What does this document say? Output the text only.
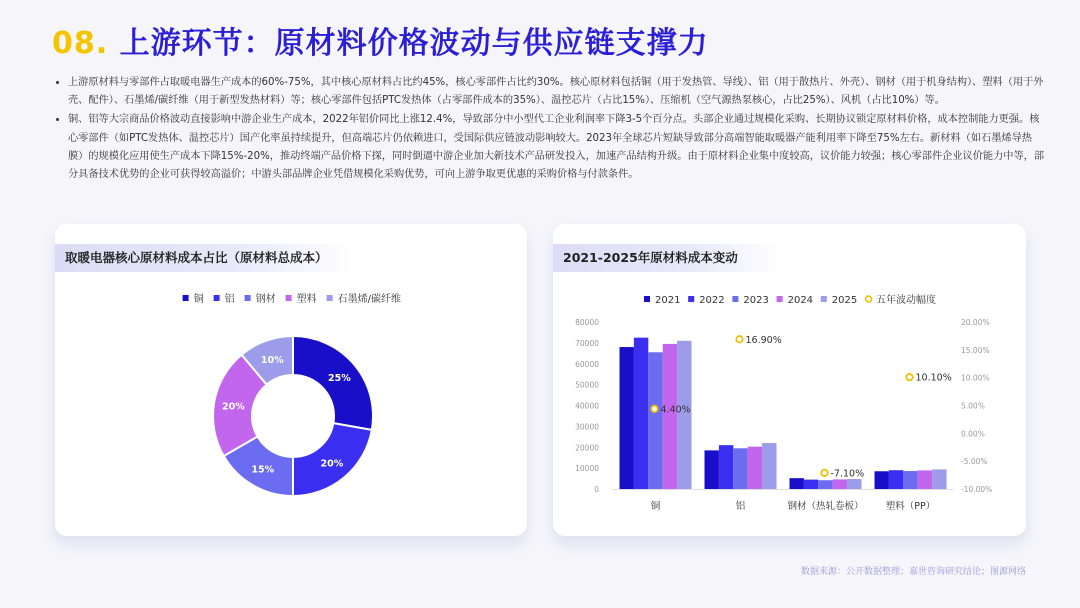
08. 上游环节：原材料价格波动与供应链支撑力
• 上游原材料与零部件占取暖电器生产成本的60%-75%，其中核心原材料占比约45%，核心零部件占比约30%。核心原材料包括铜（用于发热管、导线）、铝（用于散热片、外壳）、钢材（用于机身结构）、塑料（用于外壳、配件）、石墨烯/碳纤维（用于新型发热材料）等；核心零部件包括PTC发热体（占零部件成本的35%）、温控芯片（占比15%）、压缩机（空气源热泵核心，占比25%）、风机（占比10%）等。
• 铜、铝等大宗商品价格波动直接影响中游企业生产成本，2022年铝价同比上涨12.4%，导致部分中小型代工企业利润率下降3-5个百分点。头部企业通过规模化采购、长期协议锁定原材料价格，成本控制能力更强。核心零部件（如PTC发热体、温控芯片）国产化率虽持续提升，但高端芯片仍依赖进口，受国际供应链波动影响较大。2023年全球芯片短缺导致部分高端智能取暖器产能利用率下降至75%左右。新材料（如石墨烯导热膜）的规模化应用使生产成本下降15%-20%，推动终端产品价格下探，同时倒逼中游企业加大新技术产品研发投入，加速产品结构升级。由于原材料企业集中度较高，议价能力较强；核心零部件企业议价能力中等，部分具备技术优势的企业可获得较高溢价；中游头部品牌企业凭借规模化采购优势，可向上游争取更优惠的采购价格与付款条件。
取暖电器核心原材料成本占比（原材料总成本）
铜 铝 钢材 塑料 石墨烯/碳纤维
25%
20%
15%
20%
10%
2021-2025年原材料成本变动
2021 2022 2023 2024 2025 五年波动幅度
0
10000
20000
30000
40000
50000
60000
70000
80000
-10.00%
-5.00%
0.00%
5.00%
10.00%
15.00%
20.00%
铜	铝	钢材（热轧卷板） 塑料（PP）
4.40%
16.90%
-7.10%
10.10%
数据来源：公开数据整理；嘉世咨询研究结论；图源网络
